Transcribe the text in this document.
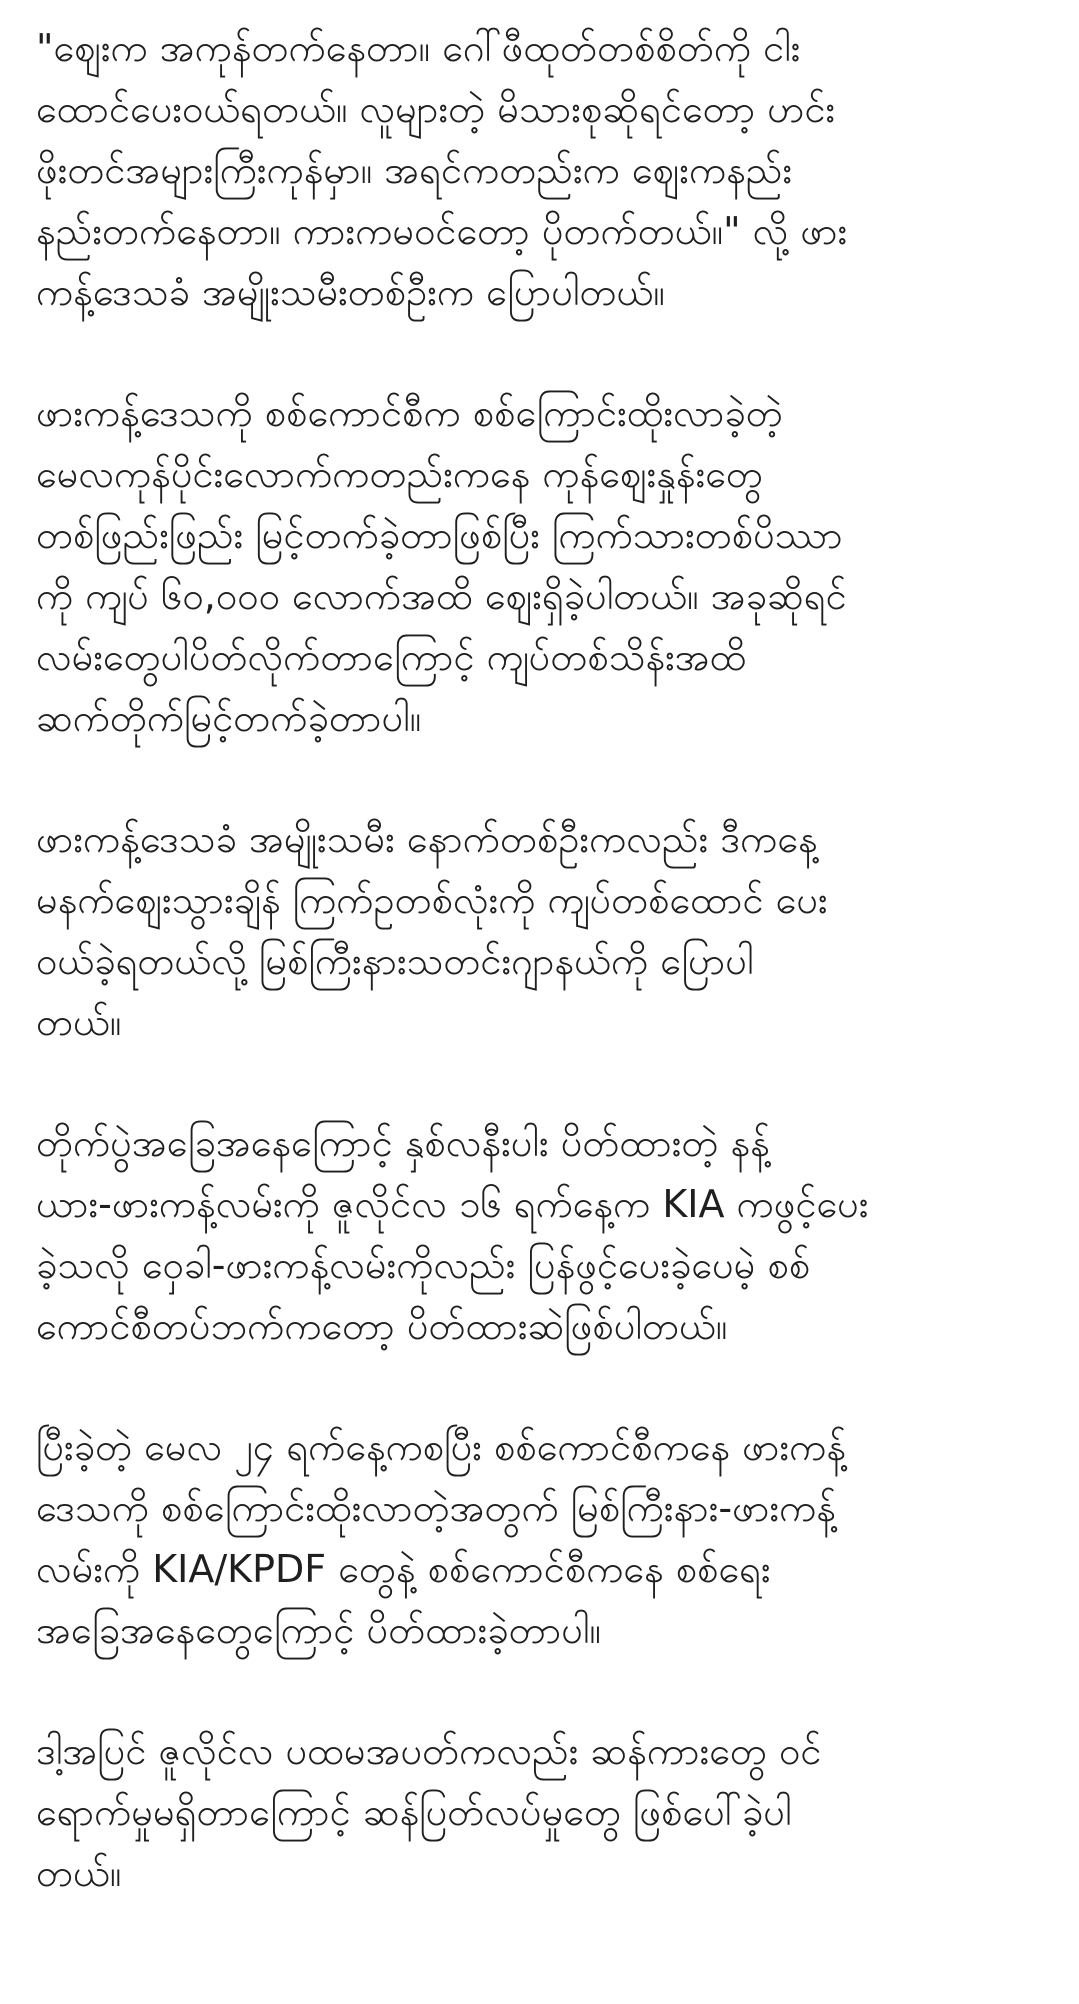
"ဈေးက အကုန်တက်နေတာ။ ဂေါ်ဖီထုတ်တစ်စိတ်ကို ငါး
ထောင်ပေးဝယ်ရတယ်။ လူများတဲ့ မိသားစုဆိုရင်တော့ ဟင်း
ဖိုးတင်အများကြီးကုန်မှာ။ အရင်ကတည်းက ဈေးကနည်း
နည်းတက်နေတာ။ ကားကမဝင်တော့ ပိုတက်တယ်။" လို့ ဖား
ကန့်ဒေသခံ အမျိုးသမီးတစ်ဦးက ပြောပါတယ်။

ဖားကန့်ဒေသကို စစ်ကောင်စီက စစ်ကြောင်းထိုးလာခဲ့တဲ့
မေလကုန်ပိုင်းလောက်ကတည်းကနေ ကုန်ဈေးနှုန်းတွေ
တစ်ဖြည်းဖြည်း မြင့်တက်ခဲ့တာဖြစ်ပြီး ကြက်သားတစ်ပိဿာ
ကို ကျပ် ၆၀,၀၀၀ လောက်အထိ ဈေးရှိခဲ့ပါတယ်။ အခုဆိုရင်
လမ်းတွေပါပိတ်လိုက်တာကြောင့် ကျပ်တစ်သိန်းအထိ
ဆက်တိုက်မြင့်တက်ခဲ့တာပါ။

ဖားကန့်ဒေသခံ အမျိုးသမီး နောက်တစ်ဦးကလည်း ဒီကနေ့
မနက်ဈေးသွားချိန် ကြက်ဥတစ်လုံးကို ကျပ်တစ်ထောင် ပေး
ဝယ်ခဲ့ရတယ်လို့ မြစ်ကြီးနားသတင်းဂျာနယ်ကို ပြောပါ
တယ်။

တိုက်ပွဲအခြေအနေကြောင့် နှစ်လနီးပါး ပိတ်ထားတဲ့ နန့်
ယား-ဖားကန့်လမ်းကို ဇူလိုင်လ ၁၆ ရက်နေ့က KIA ကဖွင့်ပေး
ခဲ့သလို ဝှေခါ-ဖားကန့်လမ်းကိုလည်း ပြန်ဖွင့်ပေးခဲ့ပေမဲ့ စစ်
ကောင်စီတပ်ဘက်ကတော့ ပိတ်ထားဆဲဖြစ်ပါတယ်။

ပြီးခဲ့တဲ့ မေလ ၂၄ ရက်နေ့ကစပြီး စစ်ကောင်စီကနေ ဖားကန့်
ဒေသကို စစ်ကြောင်းထိုးလာတဲ့အတွက် မြစ်ကြီးနား-ဖားကန့်
လမ်းကို KIA/KPDF တွေနဲ့ စစ်ကောင်စီကနေ စစ်ရေး
အခြေအနေတွေကြောင့် ပိတ်ထားခဲ့တာပါ။

ဒါ့အပြင် ဇူလိုင်လ ပထမအပတ်ကလည်း ဆန်ကားတွေ ဝင်
ရောက်မှုမရှိတာကြောင့် ဆန်ပြတ်လပ်မှုတွေ ဖြစ်ပေါ်ခဲ့ပါ
တယ်။
